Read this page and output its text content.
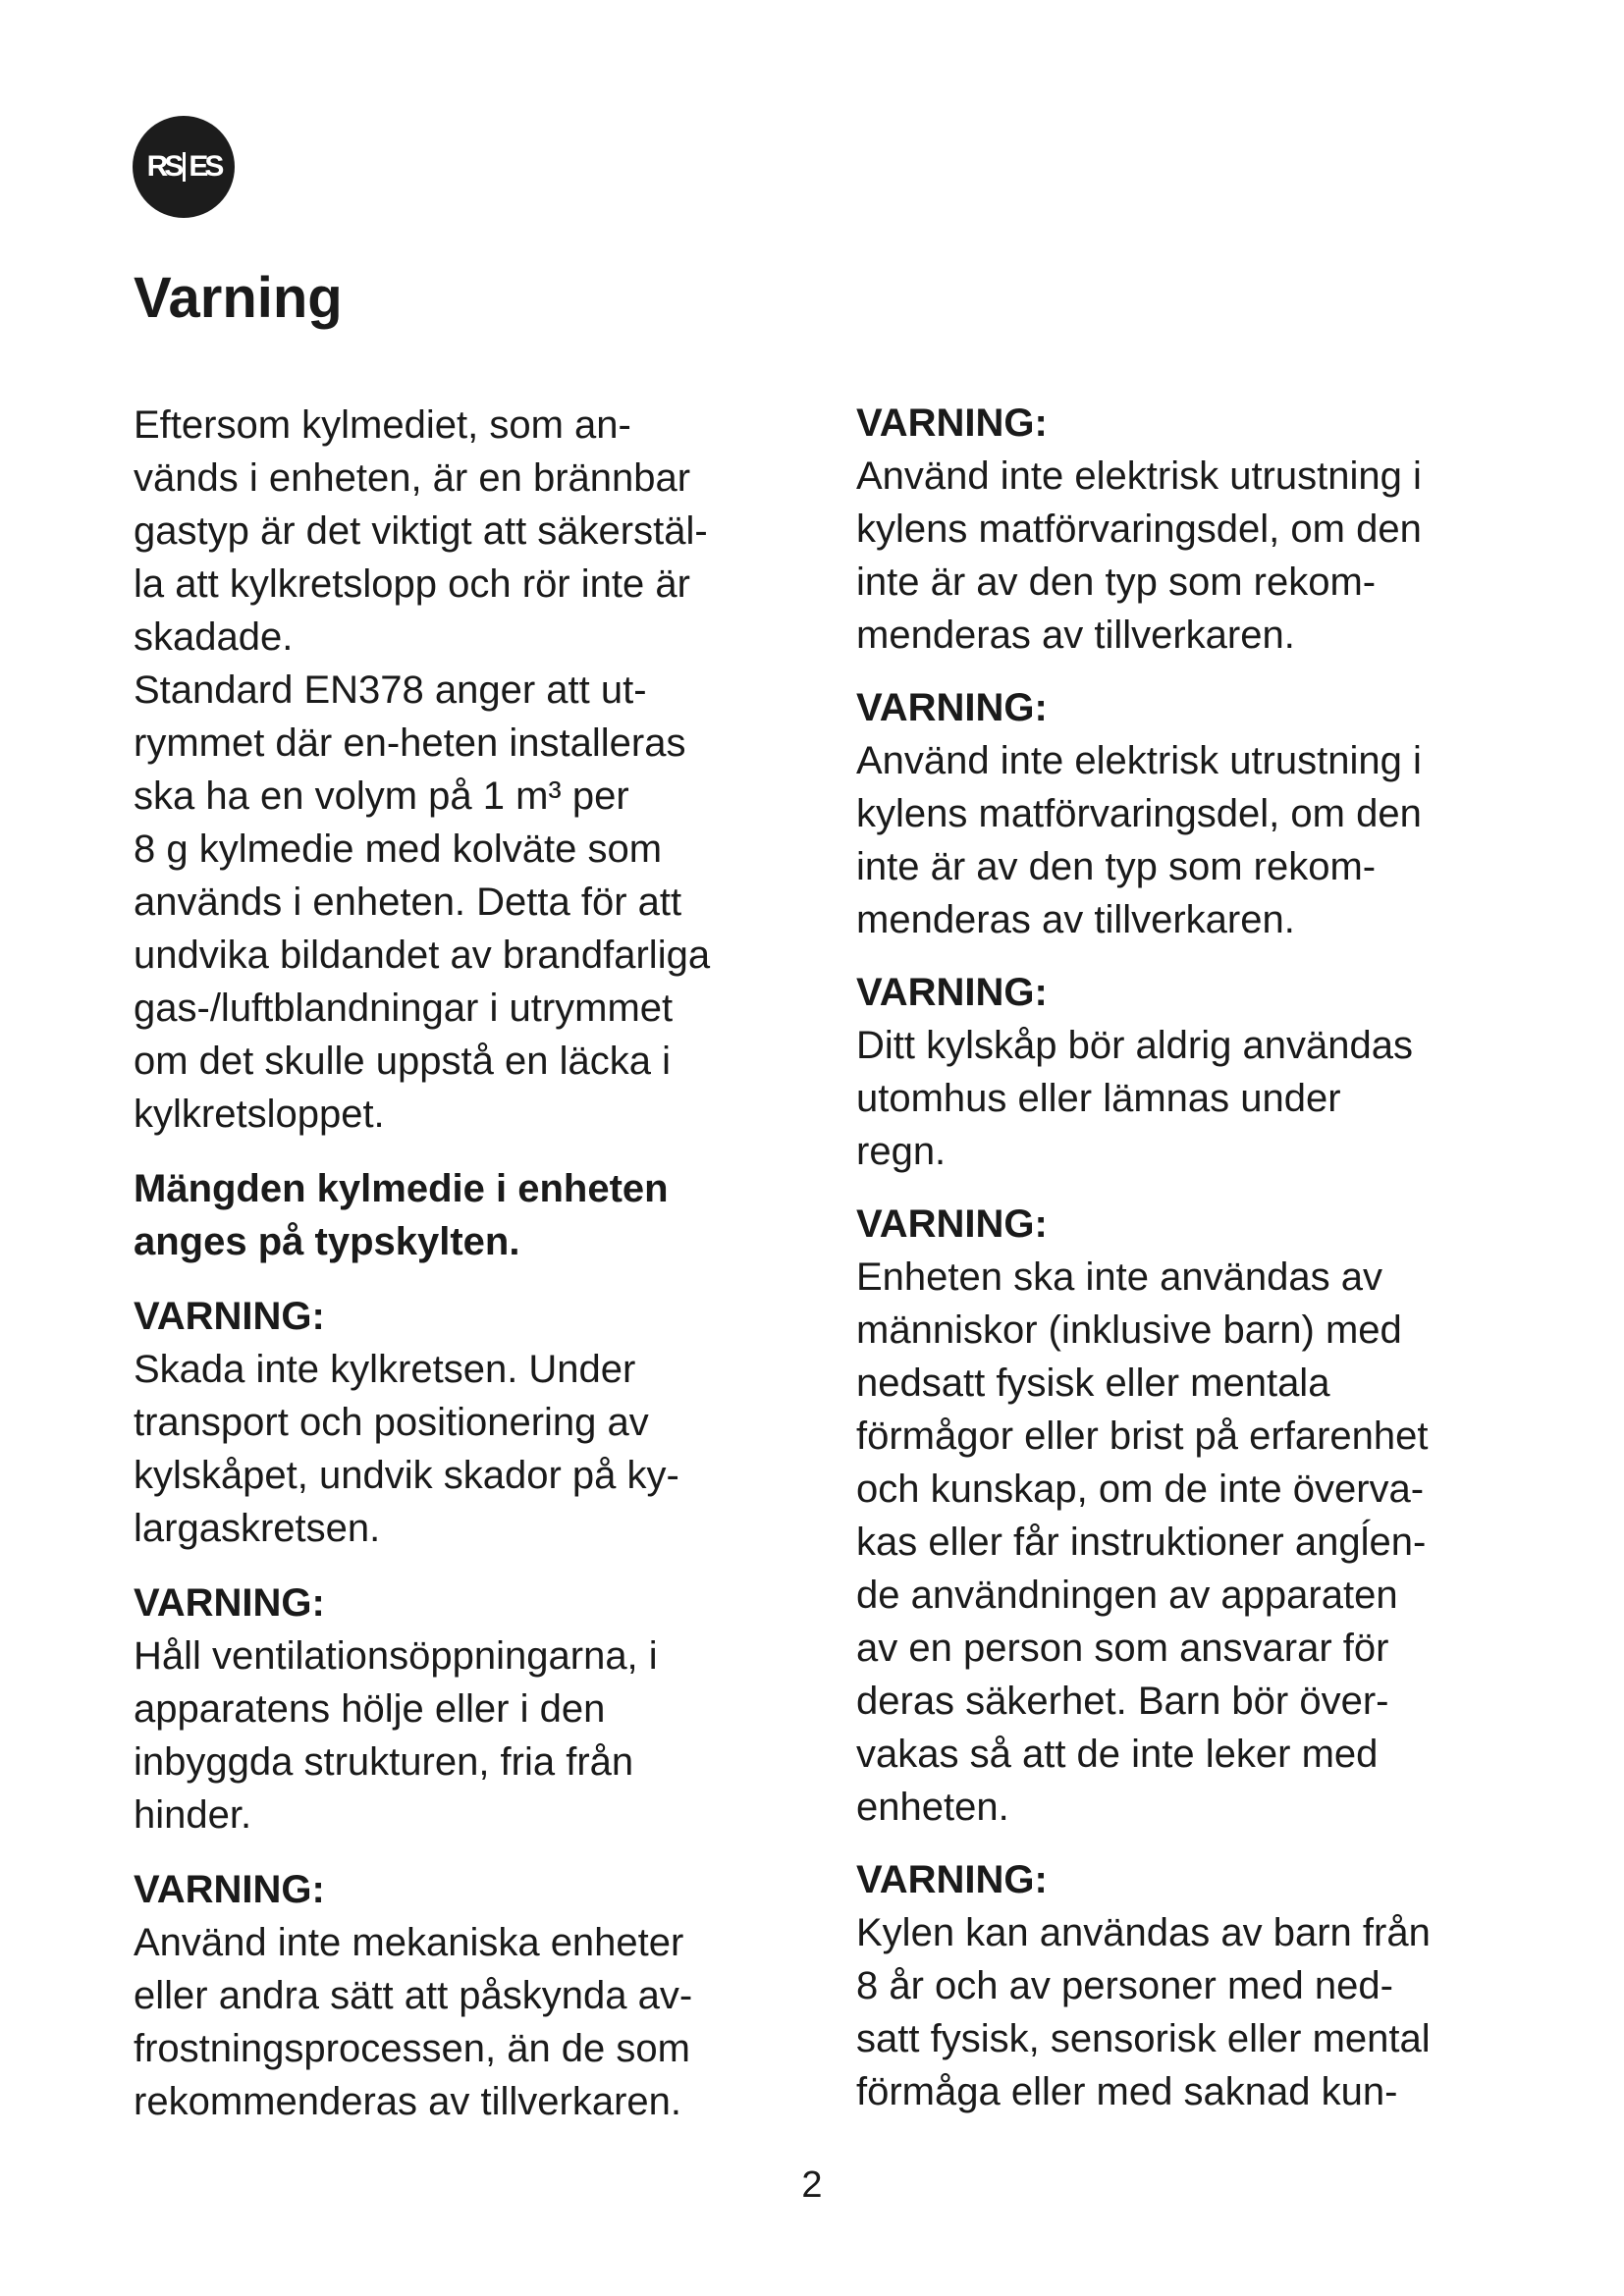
RS ES
Varning
Eftersom kylmediet, som an-
vänds i enheten, är en brännbar
gastyp är det viktigt att säkerstäl-
la att kylkretslopp och rör inte är
skadade.
Standard EN378 anger att ut-
rymmet där en-heten installeras
ska ha en volym på 1 m³ per
8 g kylmedie med kolväte som
används i enheten. Detta för att
undvika bildandet av brandfarliga
gas-/luftblandningar i utrymmet
om det skulle uppstå en läcka i
kylkretsloppet.
Mängden kylmedie i enheten
anges på typskylten.
VARNING:
Skada inte kylkretsen. Under
transport och positionering av
kylskåpet, undvik skador på ky-
largaskretsen.
VARNING:
Håll ventilationsöppningarna, i
apparatens hölje eller i den
inbyggda strukturen, fria från
hinder.
VARNING:
Använd inte mekaniska enheter
eller andra sätt att påskynda av-
frostningsprocessen, än de som
rekommenderas av tillverkaren.
VARNING:
Använd inte elektrisk utrustning i
kylens matförvaringsdel, om den
inte är av den typ som rekom-
menderas av tillverkaren.
VARNING:
Använd inte elektrisk utrustning i
kylens matförvaringsdel, om den
inte är av den typ som rekom-
menderas av tillverkaren.
VARNING:
Ditt kylskåp bör aldrig användas
utomhus eller lämnas under
regn.
VARNING:
Enheten ska inte användas av
människor (inklusive barn) med
nedsatt fysisk eller mentala
förmågor eller brist på erfarenhet
och kunskap, om de inte överva-
kas eller får instruktioner angĺen-
de användningen av apparaten
av en person som ansvarar för
deras säkerhet. Barn bör över-
vakas så att de inte leker med
enheten.
VARNING:
Kylen kan användas av barn från
8 år och av personer med ned-
satt fysisk, sensorisk eller mental
förmåga eller med saknad kun-
2
